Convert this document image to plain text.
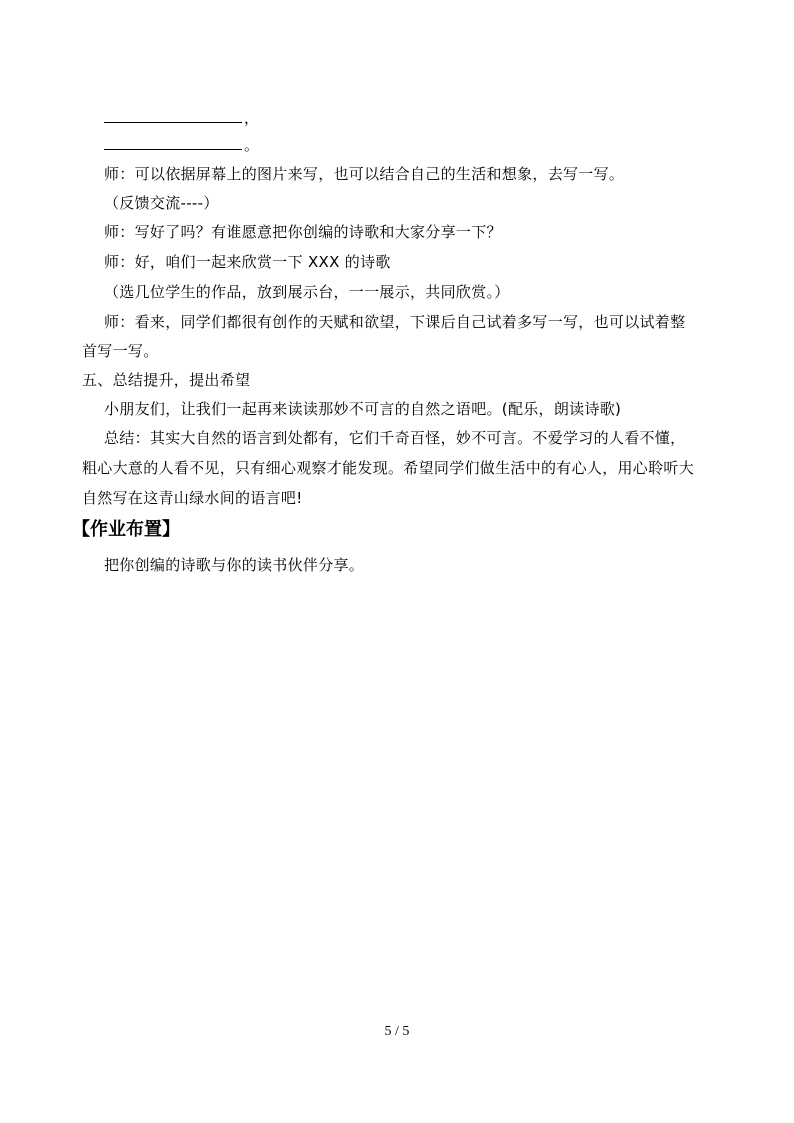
，
。
师：可以依据屏幕上的图片来写，也可以结合自己的生活和想象，去写一写。
（反馈交流----）
师：写好了吗？有谁愿意把你创编的诗歌和大家分享一下？
师：好，咱们一起来欣赏一下 XXX 的诗歌
（选几位学生的作品，放到展示台，一一展示，共同欣赏。）
师：看来，同学们都很有创作的天赋和欲望，下课后自己试着多写一写，也可以试着整
首写一写。
五、总结提升，提出希望
小朋友们，让我们一起再来读读那妙不可言的自然之语吧。(配乐，朗读诗歌)
总结：其实大自然的语言到处都有，它们千奇百怪，妙不可言。不爱学习的人看不懂，
粗心大意的人看不见，只有细心观察才能发现。希望同学们做生活中的有心人，用心聆听大
自然写在这青山绿水间的语言吧!
【作业布置】
把你创编的诗歌与你的读书伙伴分享。
5 / 5
